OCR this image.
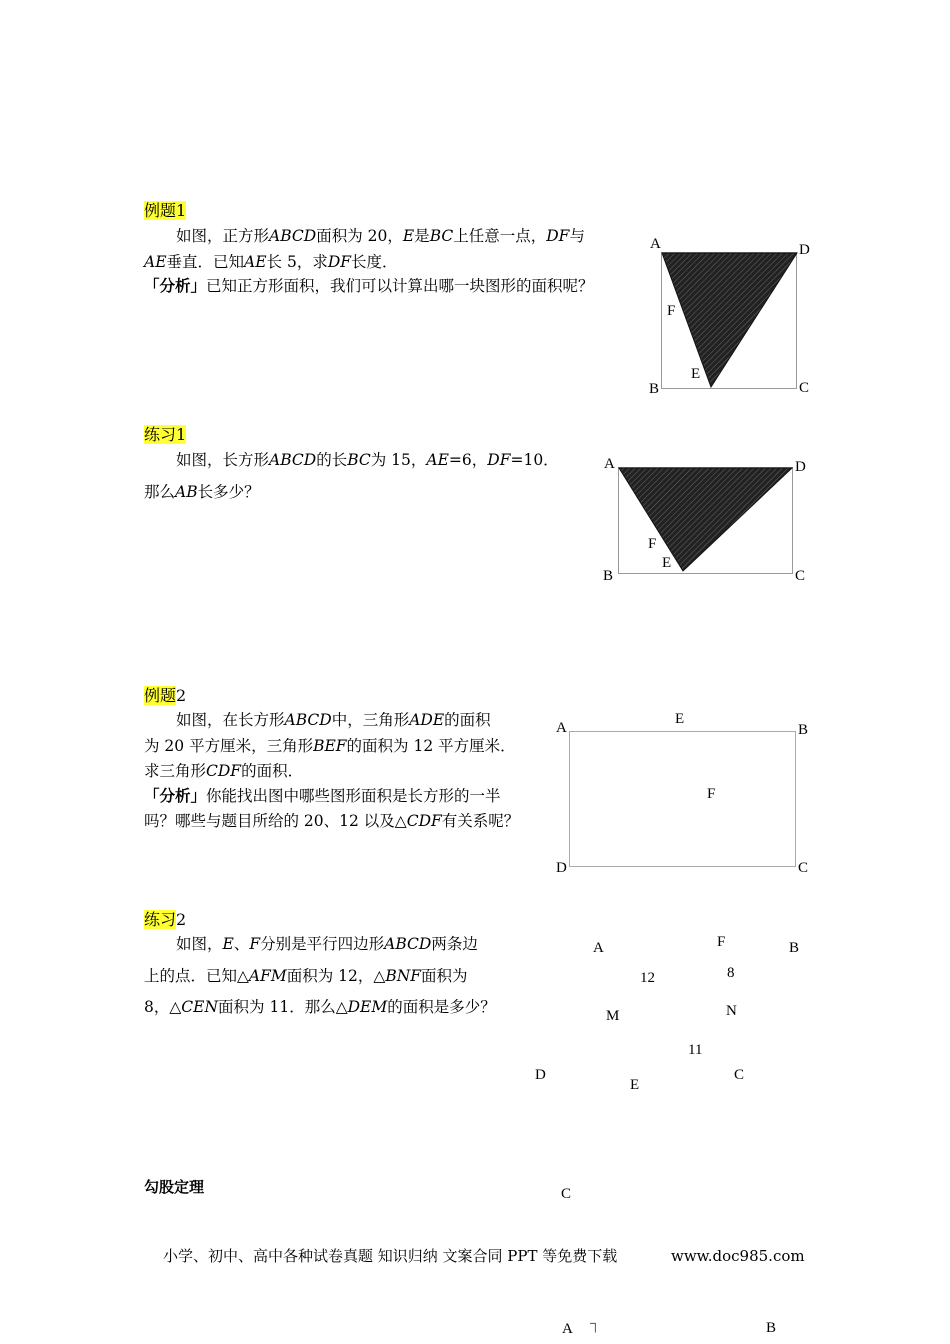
例题1
如图，正方形ABCD面积为 20，E是BC上任意一点，DF与
AE垂直．已知AE长 5，求DF长度．
「分析」已知正方形面积，我们可以计算出哪一块图形的面积呢？
A	D
F
E
B	C
练习1
如图，长方形ABCD的长BC为 15，AE=6，DF=10．
那么AB长多少？
A	D
F
E
B	C
例题2
如图，在长方形ABCD中，三角形ADE的面积
为 20 平方厘米，三角形BEF的面积为 12 平方厘米．
求三角形CDF的面积．
「分析」你能找出图中哪些图形面积是长方形的一半
吗？哪些与题目所给的 20、12 以及△CDF有关系呢？
A
E
B
F
D	C
练习2
如图，E、F分别是平行四边形ABCD两条边
上的点．已知△AFM面积为 12，△BNF面积为
8，△CEN面积为 11．那么△DEM的面积是多少？
A	F	B
12	8
M	N
11
D	C
E
勾股定理	C
小学、初中、高中各种试卷真题 知识归纳 文案合同 PPT 等免费下载	www.doc985.com
A ┐	B
